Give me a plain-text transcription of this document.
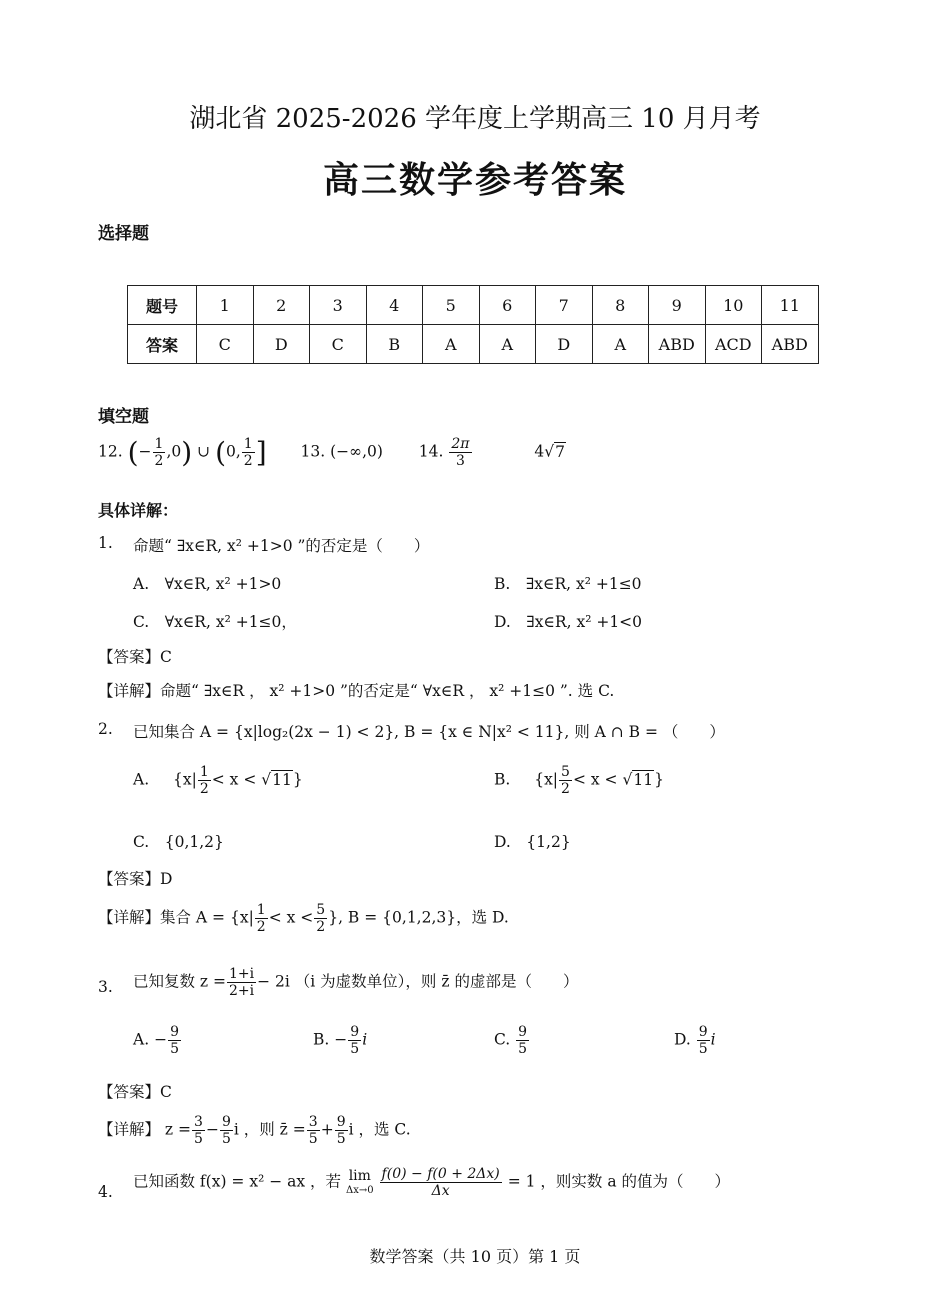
湖北省 2025-2026 学年度上学期高三 10 月月考
高三数学参考答案
选择题
题号	1	2	3	4	5	6	7	8	9	10	11
答案	C	D	C	B	A	A	D	A	ABD	ACD	ABD
填空题
12. (− $\frac{1}{2} ,0$) ∪ (0, $\frac{1}{2}$ ] 13. (−∞,0) 14. $\frac{2\pi}{3}$	4√7
具体详解：
1. 命题“ ∃x∈R, x² +1>0 ”的否定是（　　）
A.　∀x∈R, x² +1>0	B.　∃x∈R, x² +1≤0
C.　∀x∈R, x² +1≤0，	D.　∃x∈R, x² +1<0
【答案】C
【详解】命题“ ∃x∈R ， x² +1>0 ”的否定是“ ∀x∈R ， x² +1≤0 ”. 选 C.
2. 已知集合 A = {x|log₂(2x − 1) < 2}, B = {x ∈ N|x² < 11}, 则 A ∩ B = （　　）
A. $\{x| \frac{1}{2} < x < √11\}$	B. $\{x| \frac{5}{2} < x < √11\}$
C.　{0,1,2}	D.　{1,2}
【答案】D
【详解】集合 $A = \{x| \frac{1}{2} < x < \frac{5}{2}$ }, B = {0,1,2,3}，选 D.
3. 已知复数 $z = \frac{1+i}{2+i} - 2i$ （i 为虚数单位），则 z̄ 的虚部是（　　）
A. − $\frac{9}{5}$	B. − $\frac{9}{5}$ i	C. $\frac{9}{5}$	D. $\frac{9}{5}$ i
【答案】C
【详解】 $z = \frac{3}{5} - \frac{9}{5}$ i ，则 z̄ = $\frac{3}{5} + \frac{9}{5}$ i ，选 C.
4.
已知函数 f(x) = x² − ax ，若 lim
Δx→0
$\frac{f(0) - f(0 + 2\Delta x)}{\Delta x} = 1$ ，则实数 a 的值为（　　）
数学答案（共 10 页）第 1 页
